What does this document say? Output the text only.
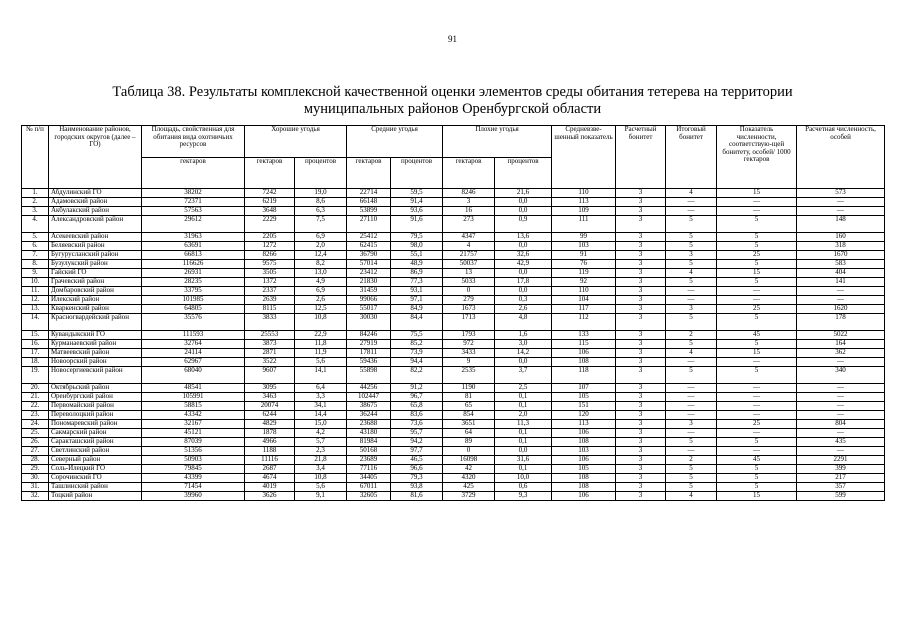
91
Таблица 38. Результаты комплексной качественной оценки элементов среды обитания тетерева на территории
муниципальных районов Оренбургской области
№ п/п	Наименование районов, городских округов (далее – ГО)	Площадь, свойственная для обитания вида охотничьих ресурсов	Хорошие угодья		Средние угодья		Плохие угодья		Средневзве-шенный показатель	Расчетный бонитет	Итоговый бонитет	Показатель численности, соответствую-щей бонитету, особей/ 1000 гектаров	Расчетная численность, особей
		гектаров	гектаров	процентов	гектаров	процентов	гектаров	процентов					
1.	Абдулинский ГО	38202	7242	19,0	22714	59,5	8246	21,6	110	3	4	15	573
2.	Адамовский район	72371	6219	8,6	66148	91,4	3	0,0	113	3	—	—	—
3.	Акбулакский район	57563	3648	6,3	53899	93,6	16	0,0	109	3	—	—	—
4.	Александровский район	29612	2229	7,5	27110	91,6	273	0,9	111	3	5	5	148
5.	Асекеевский район	31963	2205	6,9	25412	79,5	4347	13,6	99	3	5	5	160
6.	Беляевский район	63691	1272	2,0	62415	98,0	4	0,0	103	3	5	5	318
7.	Бугурусланский район	66813	8266	12,4	36790	55,1	21757	32,6	91	3	3	25	1670
8.	Бузулукский район	116626	9575	8,2	57014	48,9	50037	42,9	76	3	5	5	583
9.	Гайский ГО	26931	3505	13,0	23412	86,9	13	0,0	119	3	4	15	404
10.	Грачевский район	28235	1372	4,9	21830	77,3	5033	17,8	92	3	5	5	141
11.	Домбаровский район	33795	2337	6,9	31459	93,1	0	0,0	110	3	—	—	—
12.	Илекский район	101985	2639	2,6	99066	97,1	279	0,3	104	3	—	—	—
13.	Кваркенский район	64805	8115	12,5	55017	84,9	1673	2,6	117	3	3	25	1620
14.	Красногвардейский район	35576	3833	10,8	30030	84,4	1713	4,8	112	3	5	5	178
15.	Кувандыкский ГО	111593	25553	22,9	84246	75,5	1793	1,6	133	3	2	45	5022
16.	Курманаевский район	32764	3873	11,8	27919	85,2	972	3,0	115	3	5	5	164
17.	Матвеевский район	24114	2871	11,9	17811	73,9	3433	14,2	106	3	4	15	362
18.	Новоорский район	62967	3522	5,6	59436	94,4	9	0,0	108	3	—	—	—
19.	Новосергиевский район	68040	9607	14,1	55898	82,2	2535	3,7	118	3	5	5	340
20.	Октябрьский район	48541	3095	6,4	44256	91,2	1190	2,5	107	3	—	—	—
21.	Оренбургский район	105991	3463	3,3	102447	96,7	81	0,1	105	3	—	—	—
22.	Первомайский район	58815	20074	34,1	38675	65,8	65	0,1	151	3	—	—	—
23.	Переволоцкий район	43342	6244	14,4	36244	83,6	854	2,0	120	3	—	—	—
24.	Пономаревский район	32167	4829	15,0	23688	73,6	3651	11,3	113	3	3	25	804
25.	Сакмарский район	45121	1878	4,2	43180	95,7	64	0,1	106	3	—	—	—
26.	Саракташский район	87039	4966	5,7	81984	94,2	89	0,1	108	3	5	5	435
27.	Светлинский район	51356	1188	2,3	50168	97,7	0	0,0	103	3	—	—	—
28.	Северный район	50903	11116	21,8	23689	46,5	16098	31,6	106	3	2	45	2291
29.	Соль-Илецкий ГО	79845	2687	3,4	77116	96,6	42	0,1	105	3	5	5	399
30.	Сорочинский ГО	43399	4674	10,8	34405	79,3	4320	10,0	108	3	5	5	217
31.	Ташлинский район	71454	4019	5,6	67011	93,8	425	0,6	108	3	5	5	357
32.	Тоцкий район	39960	3626	9,1	32605	81,6	3729	9,3	106	3	4	15	599
